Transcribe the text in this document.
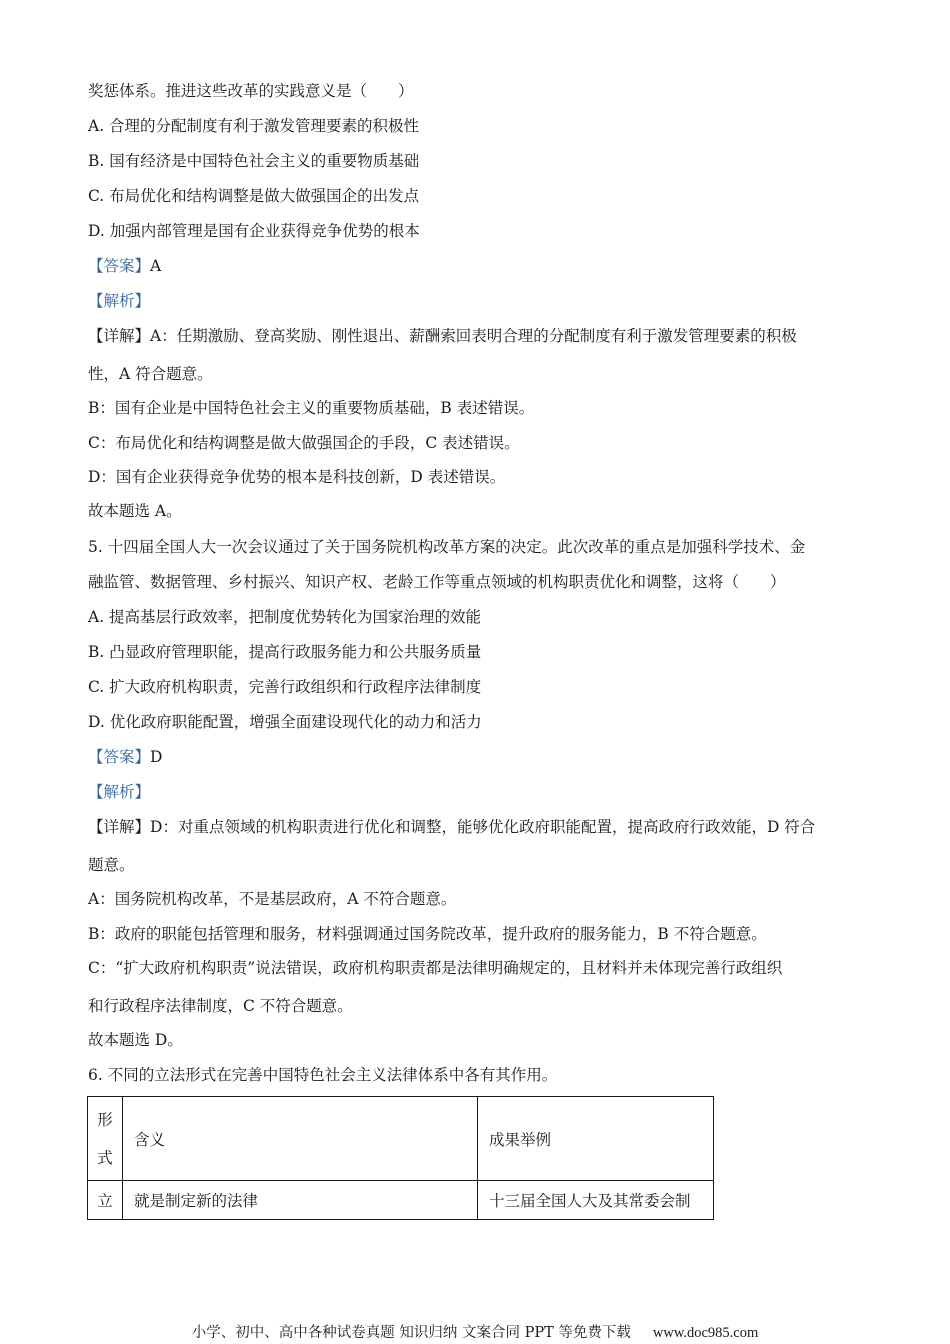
奖惩体系。推进这些改革的实践意义是（　　）
A. 合理的分配制度有利于激发管理要素的积极性
B. 国有经济是中国特色社会主义的重要物质基础
C. 布局优化和结构调整是做大做强国企的出发点
D. 加强内部管理是国有企业获得竞争优势的根本
【答案】A
【解析】
【详解】A：任期激励、登高奖励、刚性退出、薪酬索回表明合理的分配制度有利于激发管理要素的积极
性，A 符合题意。
B：国有企业是中国特色社会主义的重要物质基础，B 表述错误。
C：布局优化和结构调整是做大做强国企的手段，C 表述错误。
D：国有企业获得竞争优势的根本是科技创新，D 表述错误。
故本题选 A。
5. 十四届全国人大一次会议通过了关于国务院机构改革方案的决定。此次改革的重点是加强科学技术、金
融监管、数据管理、乡村振兴、知识产权、老龄工作等重点领域的机构职责优化和调整，这将（　　）
A. 提高基层行政效率，把制度优势转化为国家治理的效能
B. 凸显政府管理职能，提高行政服务能力和公共服务质量
C. 扩大政府机构职责，完善行政组织和行政程序法律制度
D. 优化政府职能配置，增强全面建设现代化的动力和活力
【答案】D
【解析】
【详解】D：对重点领域的机构职责进行优化和调整，能够优化政府职能配置，提高政府行政效能，D 符合
题意。
A：国务院机构改革，不是基层政府，A 不符合题意。
B：政府的职能包括管理和服务，材料强调通过国务院改革，提升政府的服务能力，B 不符合题意。
C：“扩大政府机构职责”说法错误，政府机构职责都是法律明确规定的，且材料并未体现完善行政组织
和行政程序法律制度，C 不符合题意。
故本题选 D。
6. 不同的立法形式在完善中国特色社会主义法律体系中各有其作用。
形
式	含义	成果举例
立	就是制定新的法律	十三届全国人大及其常委会制
小学、初中、高中各种试卷真题 知识归纳 文案合同 PPT 等免费下载 www.doc985.com
